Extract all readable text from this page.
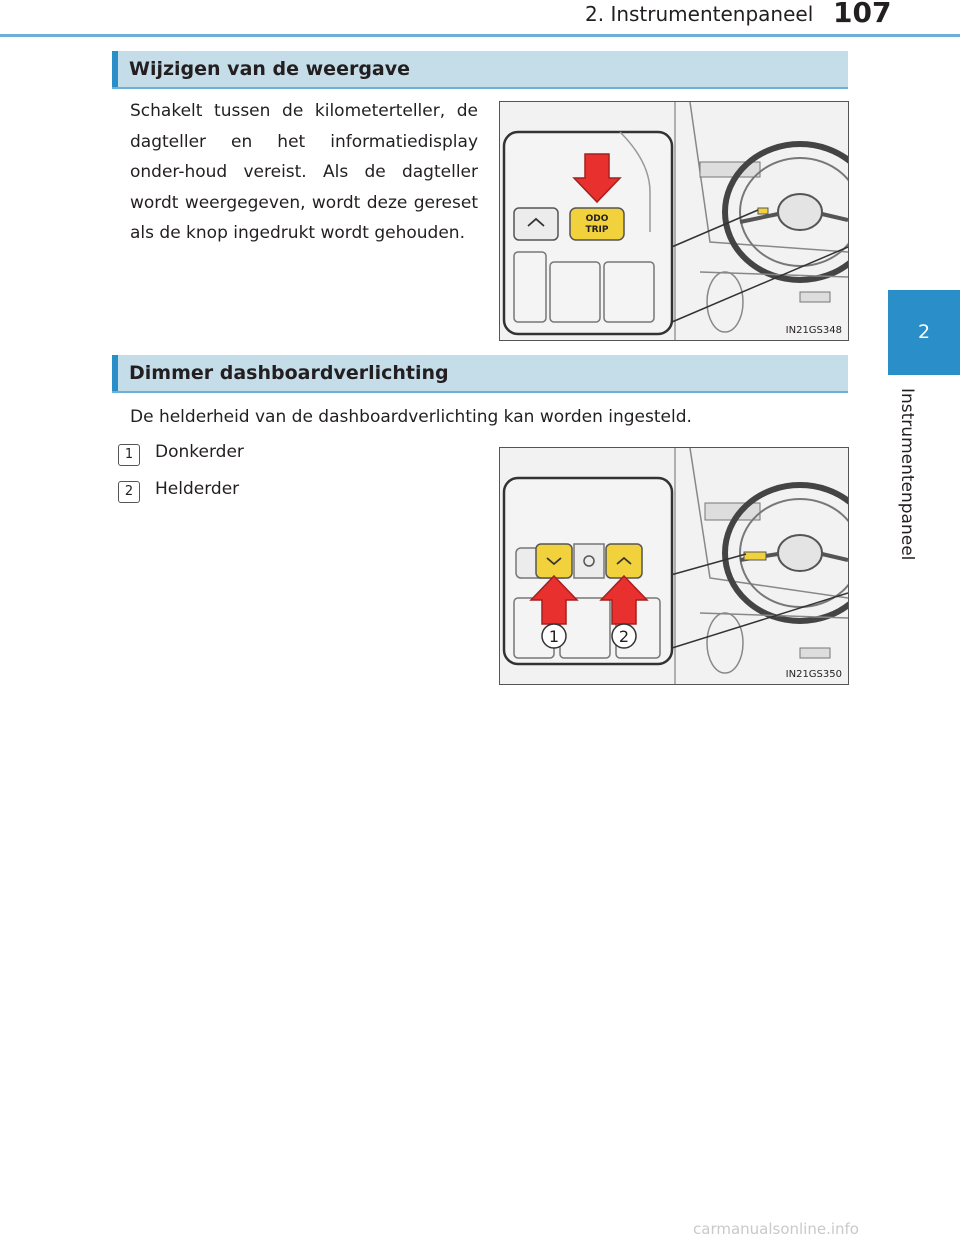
2. Instrumentenpaneel 107
2
Instrumentenpaneel
Wijzigen van de weergave
Schakelt tussen de kilometerteller, de dagteller en het informatiedisplay onder-houd vereist. Als de dagteller wordt weergegeven, wordt deze gereset als de knop ingedrukt wordt gehouden.
ODO
TRIP
IN21GS348
Dimmer dashboardverlichting
De helderheid van de dashboardverlichting kan worden ingesteld.
1	Donkerder
2	Helderder
1	2
IN21GS350
carmanualsonline.info
